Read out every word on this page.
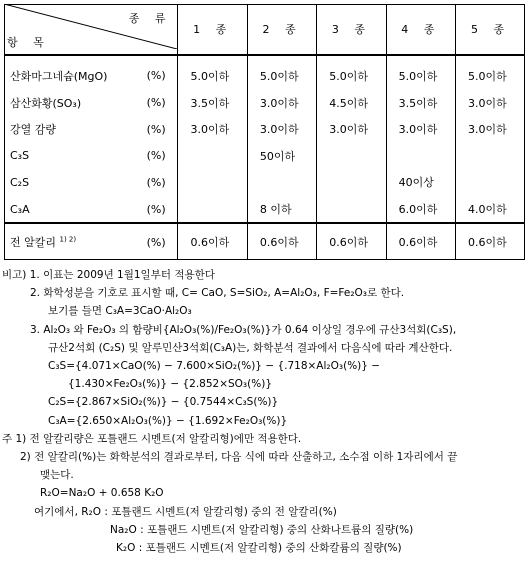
종 류
항 목		1 종	2 종	3 종	4 종	5 종
산화마그네슘(MgO)	(%)	5.0이하	5.0이하	5.0이하	5.0이하	5.0이하
삼산화황(SO₃)	(%)	3.5이하	3.0이하	4.5이하	3.5이하	3.0이하
강열 감량	(%)	3.0이하	3.0이하	3.0이하	3.0이하	3.0이하
C₃S	(%)		50이하			
C₂S	(%)				40이상	
C₃A	(%)		8 이하		6.0이하	4.0이하
전 알칼리 $^{1) 2)}$	(%)	0.6이하	0.6이하	0.6이하	0.6이하	0.6이하
비고) 1. 이표는 2009년 1월1일부터 적용한다
2. 화학성분을 기호로 표시할 때, C= CaO, S=SiO₂, A=Al₂O₃, F=Fe₂O₃로 한다.
보기를 들면 C₃A=3CaO·Al₂O₃
3. Al₂O₃ 와 Fe₂O₃ 의 함량비{Al₂O₃(%)/Fe₂O₃(%)}가 0.64 이상일 경우에 규산3석회(C₃S),
규산2석회 (C₂S) 및 알루민산3석회(C₃A)는, 화학분석 결과에서 다음식에 따라 계산한다.
C₃S={4.071×CaO(%) − 7.600×SiO₂(%)} − {.718×Al₂O₃(%)} −
{1.430×Fe₂O₃(%)} − {2.852×SO₃(%)}
C₂S={2.867×SiO₂(%)} − {0.7544×C₃S(%)}
C₃A={2.650×Al₂O₃(%)} − {1.692×Fe₂O₃(%)}
주 1) 전 알칼리량은 포틀랜드 시멘트(저 알칼리형)에만 적용한다.
2) 전 알칼리(%)는 화학분석의 결과로부터, 다음 식에 따라 산출하고, 소수점 이하 1자리에서 끝
맺는다.
R₂O=Na₂O + 0.658 K₂O
여기에서, R₂O : 포틀랜드 시멘트(저 알칼리형) 중의 전 알칼리(%)
Na₂O : 포틀랜드 시멘트(저 알칼리형) 중의 산화나트륨의 질량(%)
K₂O : 포틀랜드 시멘트(저 알칼리형) 중의 산화칼륨의 질량(%)
